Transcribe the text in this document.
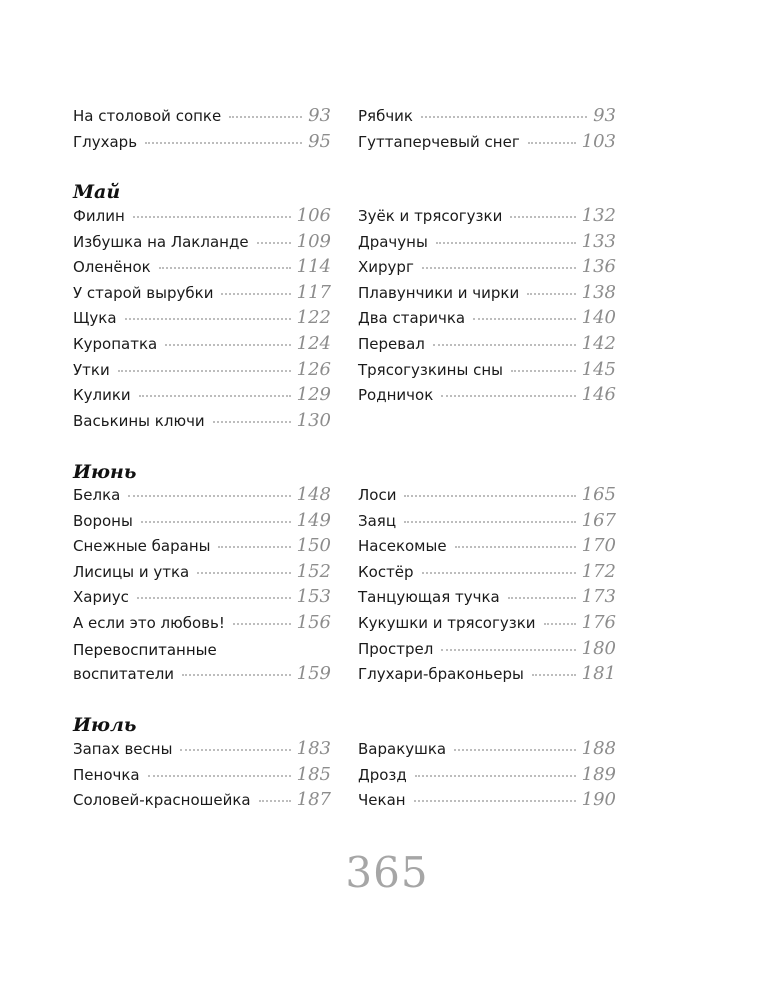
На столовой сопке	93
Глухарь	95
Рябчик	93
Гуттаперчевый снег	103
Май
Филин	106
Избушка на Лакланде	109
Оленёнок	114
У старой вырубки	117
Щука	122
Куропатка	124
Утки	126
Кулики	129
Васькины ключи	130
Зуёк и трясогузки	132
Драчуны	133
Хирург	136
Плавунчики и чирки	138
Два старичка	140
Перевал	142
Трясогузкины сны	145
Родничок	146
Июнь
Белка	148
Вороны	149
Снежные бараны	150
Лисицы и утка	152
Хариус	153
А если это любовь!	156
Перевоспитанные
воспитатели	159
Лоси	165
Заяц	167
Насекомые	170
Костёр	172
Танцующая тучка	173
Кукушки и трясогузки	176
Прострел	180
Глухари-браконьеры	181
Июль
Запах весны	183
Пеночка	185
Соловей-красношейка	187
Варакушка	188
Дрозд	189
Чекан	190
365
